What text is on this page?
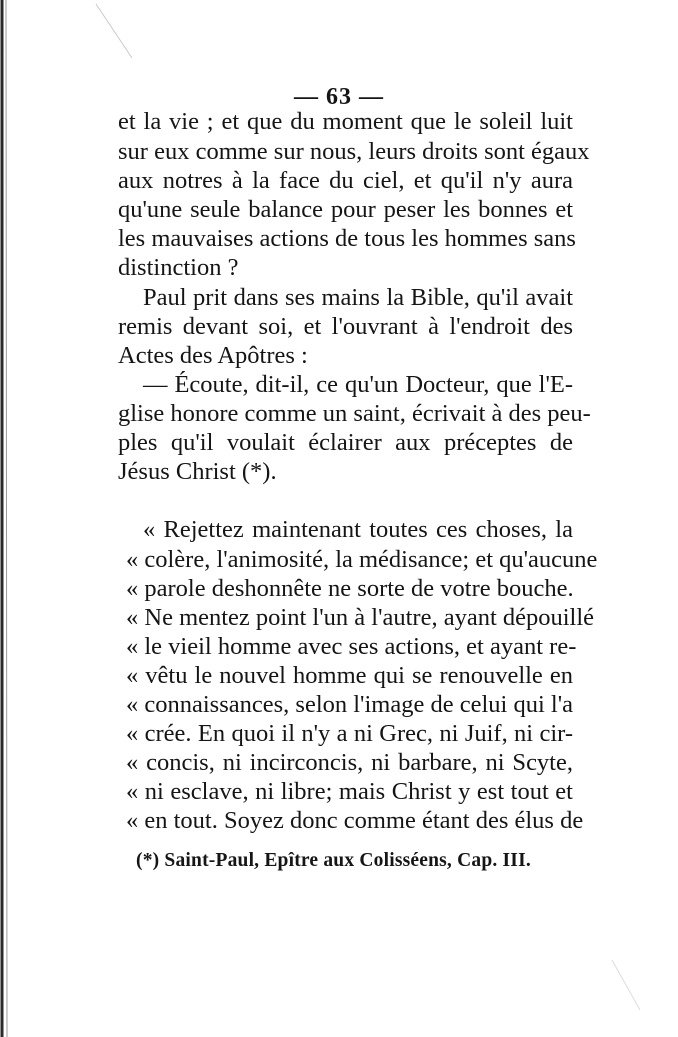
— 63 —
et la vie ; et que du moment que le soleil luit
sur eux comme sur nous, leurs droits sont égaux
aux notres à la face du ciel, et qu'il n'y aura
qu'une seule balance pour peser les bonnes et
les mauvaises actions de tous les hommes sans
distinction ?
Paul prit dans ses mains la Bible, qu'il avait
remis devant soi, et l'ouvrant à l'endroit des
Actes des Apôtres :
— Écoute, dit-il, ce qu'un Docteur, que l'E-
glise honore comme un saint, écrivait à des peu-
ples qu'il voulait éclairer aux préceptes de
Jésus Christ (*).
« Rejettez maintenant toutes ces choses, la
« colère, l'animosité, la médisance; et qu'aucune
« parole deshonnête ne sorte de votre bouche.
« Ne mentez point l'un à l'autre, ayant dépouillé
« le vieil homme avec ses actions, et ayant re-
« vêtu le nouvel homme qui se renouvelle en
« connaissances, selon l'image de celui qui l'a
« crée. En quoi il n'y a ni Grec, ni Juif, ni cir-
« concis, ni incirconcis, ni barbare, ni Scyte,
« ni esclave, ni libre; mais Christ y est tout et
« en tout. Soyez donc comme étant des élus de
(*) Saint-Paul, Epître aux Colisséens, Cap. III.
